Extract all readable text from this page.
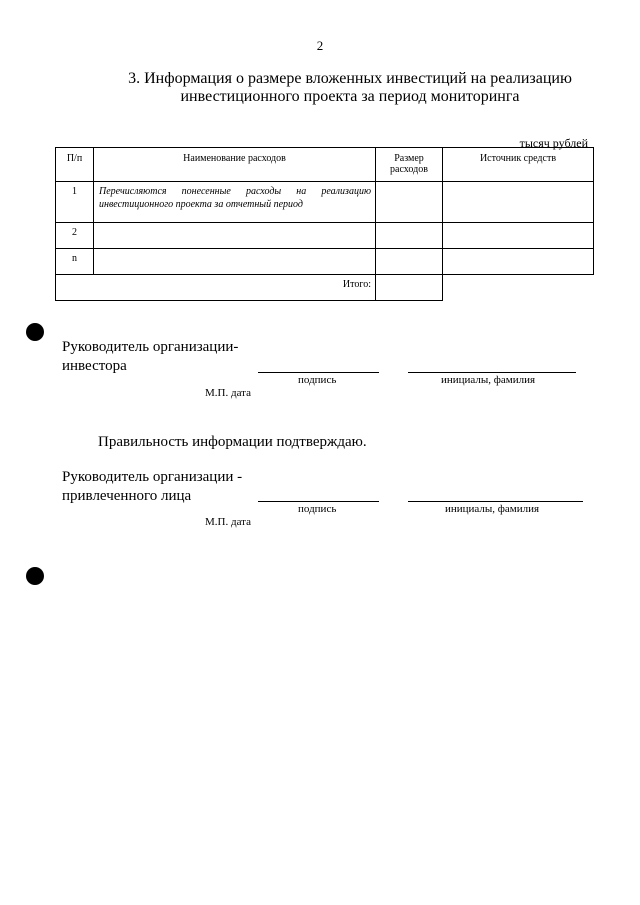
2
3. Информация о размере вложенных инвестиций на реализацию
инвестиционного проекта за период мониторинга
тысяч рублей
П/п	Наименование расходов	Размер расходов	Источник средств
1	Перечисляются понесенные расходы на реализацию инвестиционного проекта за отчетный период		
2			
n			
Итого:			
Руководитель организации-
инвестора
подпись	инициалы, фамилия
М.П. дата
Правильность информации подтверждаю.
Руководитель организации -
привлеченного лица
подпись	инициалы, фамилия
М.П. дата
